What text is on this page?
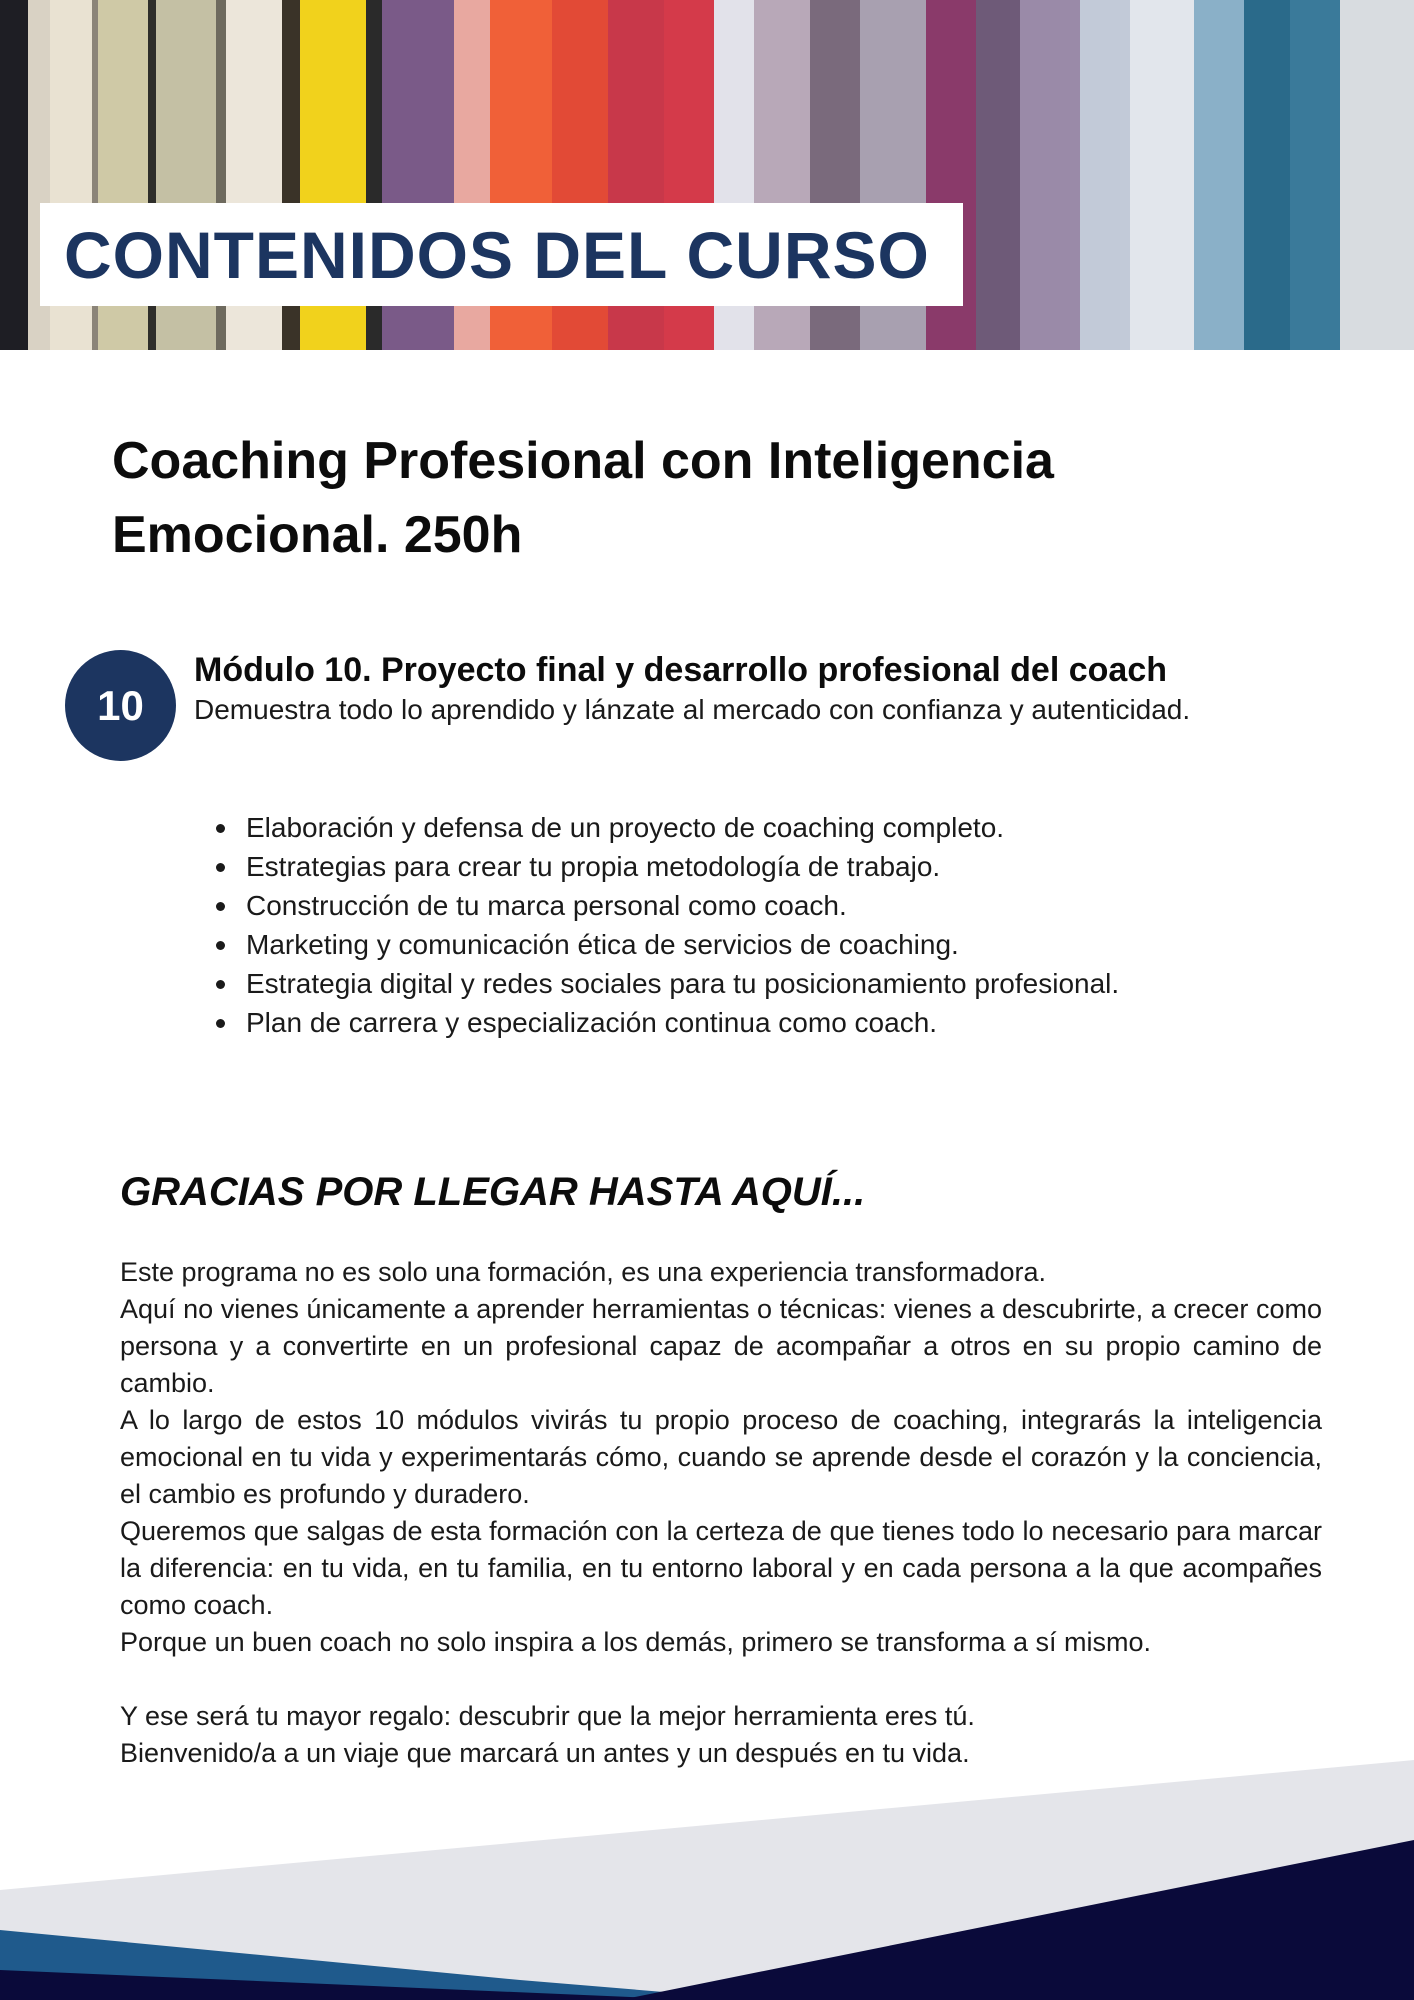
CONTENIDOS DEL CURSO
Coaching Profesional con Inteligencia Emocional. 250h
10
Módulo 10. Proyecto final y desarrollo profesional del coach

Demuestra todo lo aprendido y lánzate al mercado con confianza y autenticidad.

Elaboración y defensa de un proyecto de coaching completo.
Estrategias para crear tu propia metodología de trabajo.
Construcción de tu marca personal como coach.
Marketing y comunicación ética de servicios de coaching.
Estrategia digital y redes sociales para tu posicionamiento profesional.
Plan de carrera y especialización continua como coach.
GRACIAS POR LLEGAR HASTA AQUÍ...

Este programa no es solo una formación, es una experiencia transformadora.

Aquí no vienes únicamente a aprender herramientas o técnicas: vienes a descubrirte, a crecer como persona y a convertirte en un profesional capaz de acompañar a otros en su propio camino de cambio.

A lo largo de estos 10 módulos vivirás tu propio proceso de coaching, integrarás la inteligencia emocional en tu vida y experimentarás cómo, cuando se aprende desde el corazón y la conciencia, el cambio es profundo y duradero.

Queremos que salgas de esta formación con la certeza de que tienes todo lo necesario para marcar la diferencia: en tu vida, en tu familia, en tu entorno laboral y en cada persona a la que acompañes como coach.

Porque un buen coach no solo inspira a los demás, primero se transforma a sí mismo.

Y ese será tu mayor regalo: descubrir que la mejor herramienta eres tú.

Bienvenido/a a un viaje que marcará un antes y un después en tu vida.
